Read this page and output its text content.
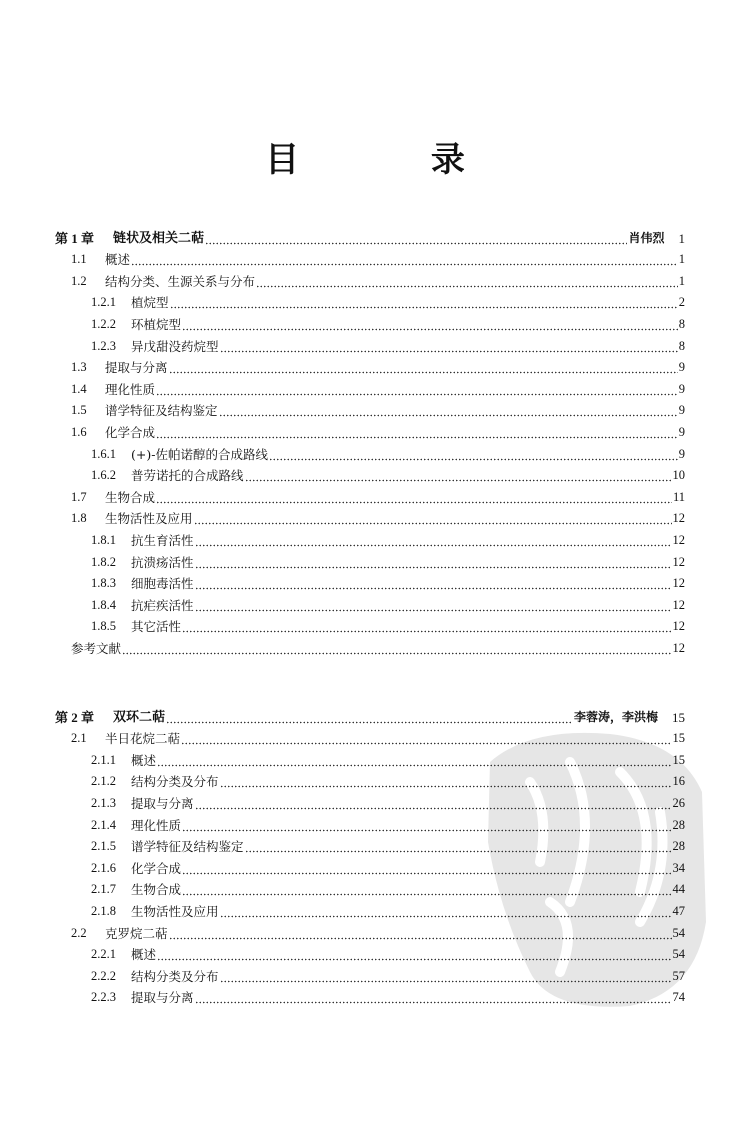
目 录
第 1 章	链状及相关二萜	肖伟烈 1
1.1	概述	1
1.2	结构分类、生源关系与分布	1
1.2.1	植烷型	2
1.2.2	环植烷型	8
1.2.3	异戊甜没药烷型	8
1.3	提取与分离	9
1.4	理化性质	9
1.5	谱学特征及结构鉴定	9
1.6	化学合成	9
1.6.1	(+)-佐帕诺醇的合成路线	9
1.6.2	普劳诺托的合成路线	10
1.7	生物合成	11
1.8	生物活性及应用	12
1.8.1	抗生育活性	12
1.8.2	抗溃疡活性	12
1.8.3	细胞毒活性	12
1.8.4	抗疟疾活性	12
1.8.5	其它活性	12
参考文献	12
第 2 章	双环二萜	李蓉涛，李洪梅 15
2.1	半日花烷二萜	15
2.1.1	概述	15
2.1.2	结构分类及分布	16
2.1.3	提取与分离	26
2.1.4	理化性质	28
2.1.5	谱学特征及结构鉴定	28
2.1.6	化学合成	34
2.1.7	生物合成	44
2.1.8	生物活性及应用	47
2.2	克罗烷二萜	54
2.2.1	概述	54
2.2.2	结构分类及分布	57
2.2.3	提取与分离	74
